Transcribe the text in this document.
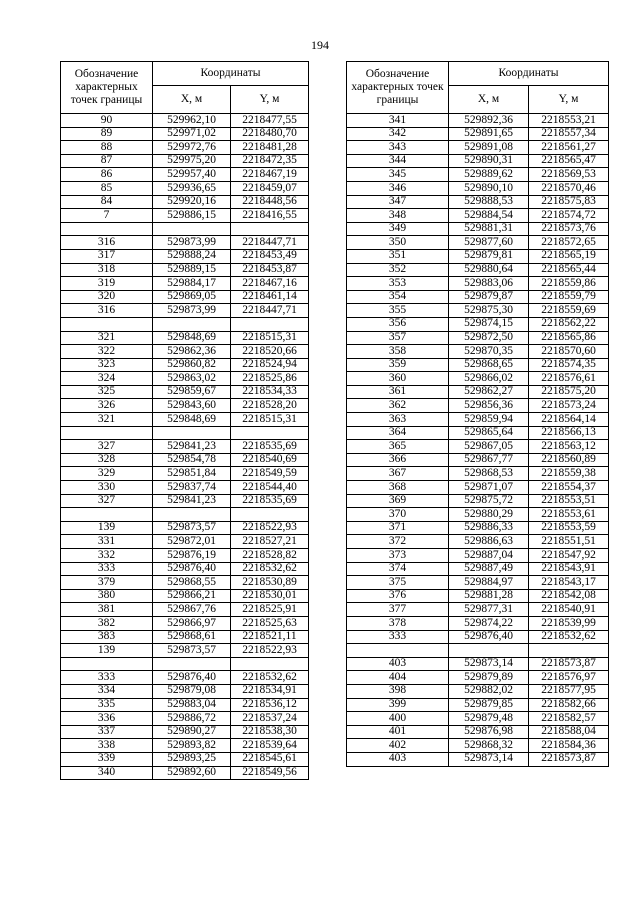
194
Обозначение характерных точек границы	Координаты	
	Х, м	Y, м
90	529962,10	2218477,55
89	529971,02	2218480,70
88	529972,76	2218481,28
87	529975,20	2218472,35
86	529957,40	2218467,19
85	529936,65	2218459,07
84	529920,16	2218448,56
7	529886,15	2218416,55

316	529873,99	2218447,71
317	529888,24	2218453,49
318	529889,15	2218453,87
319	529884,17	2218467,16
320	529869,05	2218461,14
316	529873,99	2218447,71

321	529848,69	2218515,31
322	529862,36	2218520,66
323	529860,82	2218524,94
324	529863,02	2218525,86
325	529859,67	2218534,33
326	529843,60	2218528,20
321	529848,69	2218515,31

327	529841,23	2218535,69
328	529854,78	2218540,69
329	529851,84	2218549,59
330	529837,74	2218544,40
327	529841,23	2218535,69

139	529873,57	2218522,93
331	529872,01	2218527,21
332	529876,19	2218528,82
333	529876,40	2218532,62
379	529868,55	2218530,89
380	529866,21	2218530,01
381	529867,76	2218525,91
382	529866,97	2218525,63
383	529868,61	2218521,11
139	529873,57	2218522,93

333	529876,40	2218532,62
334	529879,08	2218534,91
335	529883,04	2218536,12
336	529886,72	2218537,24
337	529890,27	2218538,30
338	529893,82	2218539,64
339	529893,25	2218545,61
340	529892,60	2218549,56
Обозначение характерных точек границы	Координаты	
	Х, м	Y, м
341	529892,36	2218553,21
342	529891,65	2218557,34
343	529891,08	2218561,27
344	529890,31	2218565,47
345	529889,62	2218569,53
346	529890,10	2218570,46
347	529888,53	2218575,83
348	529884,54	2218574,72
349	529881,31	2218573,76
350	529877,60	2218572,65
351	529879,81	2218565,19
352	529880,64	2218565,44
353	529883,06	2218559,86
354	529879,87	2218559,79
355	529875,30	2218559,69
356	529874,15	2218562,22
357	529872,50	2218565,86
358	529870,35	2218570,60
359	529868,65	2218574,35
360	529866,02	2218576,61
361	529862,27	2218575,20
362	529856,36	2218573,24
363	529859,94	2218564,14
364	529865,64	2218566,13
365	529867,05	2218563,12
366	529867,77	2218560,89
367	529868,53	2218559,38
368	529871,07	2218554,37
369	529875,72	2218553,51
370	529880,29	2218553,61
371	529886,33	2218553,59
372	529886,63	2218551,51
373	529887,04	2218547,92
374	529887,49	2218543,91
375	529884,97	2218543,17
376	529881,28	2218542,08
377	529877,31	2218540,91
378	529874,22	2218539,99
333	529876,40	2218532,62

403	529873,14	2218573,87
404	529879,89	2218576,97
398	529882,02	2218577,95
399	529879,85	2218582,66
400	529879,48	2218582,57
401	529876,98	2218588,04
402	529868,32	2218584,36
403	529873,14	2218573,87
